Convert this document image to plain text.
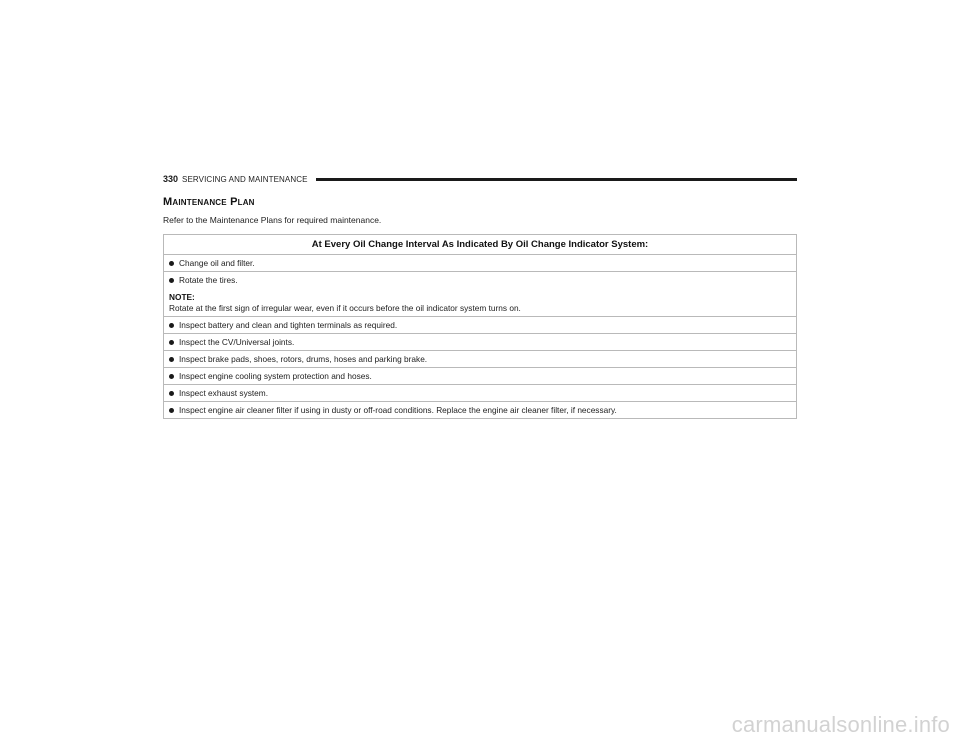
330 SERVICING AND MAINTENANCE
Maintenance Plan
Refer to the Maintenance Plans for required maintenance.
At Every Oil Change Interval As Indicated By Oil Change Indicator System:
Change oil and filter.
Rotate the tires.
NOTE:
Rotate at the first sign of irregular wear, even if it occurs before the oil indicator system turns on.
Inspect battery and clean and tighten terminals as required.
Inspect the CV/Universal joints.
Inspect brake pads, shoes, rotors, drums, hoses and parking brake.
Inspect engine cooling system protection and hoses.
Inspect exhaust system.
Inspect engine air cleaner filter if using in dusty or off-road conditions. Replace the engine air cleaner filter, if necessary.
carmanualsonline.info
